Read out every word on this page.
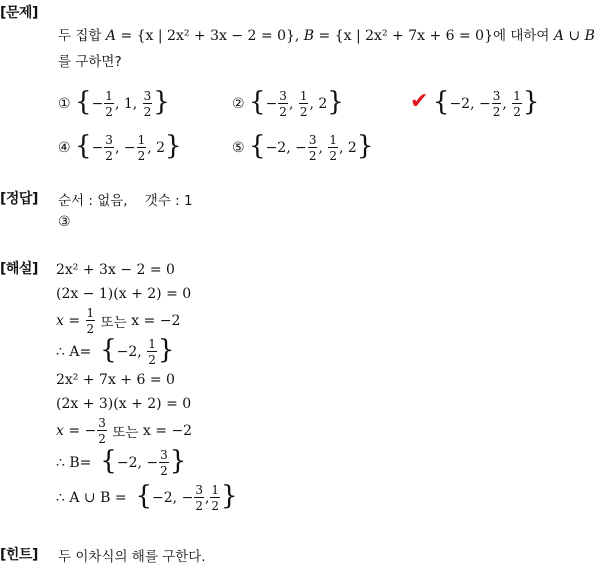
[문제]
두 집합 A = {x | 2x² + 3x − 2 = 0}, B = {x | 2x² + 7x + 6 = 0}에 대하여 A ∪ B
를 구하면?
① {− $\frac{1}{2}$ , 1, $\frac{3}{2}$ }	② {− $\frac{3}{2}$ , $\frac{1}{2}$ , 2}	✔ {−2, − $\frac{3}{2}$ , $\frac{1}{2}$ }
④ {− $\frac{3}{2}$ , − $\frac{1}{2}$ , 2}	⑤ {−2, − $\frac{3}{2}$ , $\frac{1}{2}$ , 2}
[정답] 순서 : 없음,    갯수 : 1
③
[해설] 2x² + 3x − 2 = 0
(2x − 1)(x + 2) = 0
$x = \frac{1}{2}$
또는
x = −2
∴ A=
{ −2, $\frac{1}{2}$ }
2x² + 7x + 6 = 0
(2x + 3)(x + 2) = 0
x = − $\frac{3}{2}$
또는
x = −2
∴ B=
{ −2, − $\frac{3}{2}$ }
∴ A ∪ B =
{ −2, − $\frac{3}{2}$ , $\frac{1}{2}$ }
[힌트] 두 이차식의 해를 구한다.
